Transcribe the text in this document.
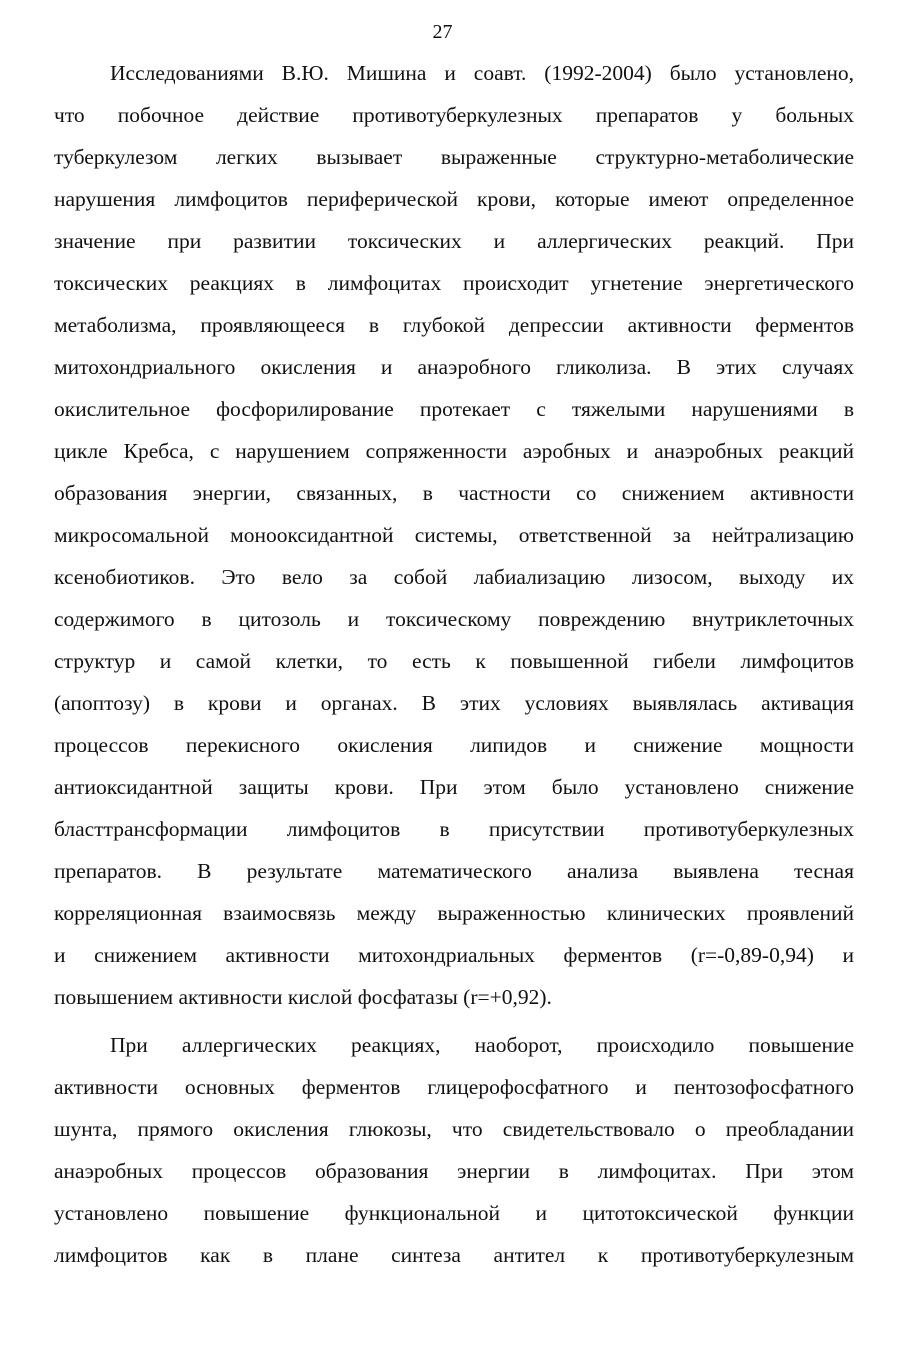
27
Исследованиями В.Ю. Мишина и соавт. (1992-2004) было установлено,
что побочное действие противотуберкулезных препаратов у больных
туберкулезом легких вызывает выраженные структурно-метаболические
нарушения лимфоцитов периферической крови, которые имеют определенное
значение при развитии токсических и аллергических реакций. При
токсических реакциях в лимфоцитах происходит угнетение энергетического
метаболизма, проявляющееся в глубокой депрессии активности ферментов
митохондриального окисления и анаэробного гликолиза. В этих случаях
окислительное фосфорилирование протекает с тяжелыми нарушениями в
цикле Кребса, с нарушением сопряженности аэробных и анаэробных реакций
образования энергии, связанных, в частности со снижением активности
микросомальной монооксидантной системы, ответственной за нейтрализацию
ксенобиотиков. Это вело за собой лабиализацию лизосом, выходу их
содержимого в цитозоль и токсическому повреждению внутриклеточных
структур и самой клетки, то есть к повышенной гибели лимфоцитов
(апоптозу) в крови и органах. В этих условиях выявлялась активация
процессов перекисного окисления липидов и снижение мощности
антиоксидантной защиты крови. При этом было установлено снижение
бласттрансформации лимфоцитов в присутствии противотуберкулезных
препаратов. В результате математического анализа выявлена тесная
корреляционная взаимосвязь между выраженностью клинических проявлений
и снижением активности митохондриальных ферментов (r=-0,89-0,94) и
повышением активности кислой фосфатазы (r=+0,92).
При аллергических реакциях, наоборот, происходило повышение
активности основных ферментов глицерофосфатного и пентозофосфатного
шунта, прямого окисления глюкозы, что свидетельствовало о преобладании
анаэробных процессов образования энергии в лимфоцитах. При этом
установлено повышение функциональной и цитотоксической функции
лимфоцитов как в плане синтеза антител к противотуберкулезным
